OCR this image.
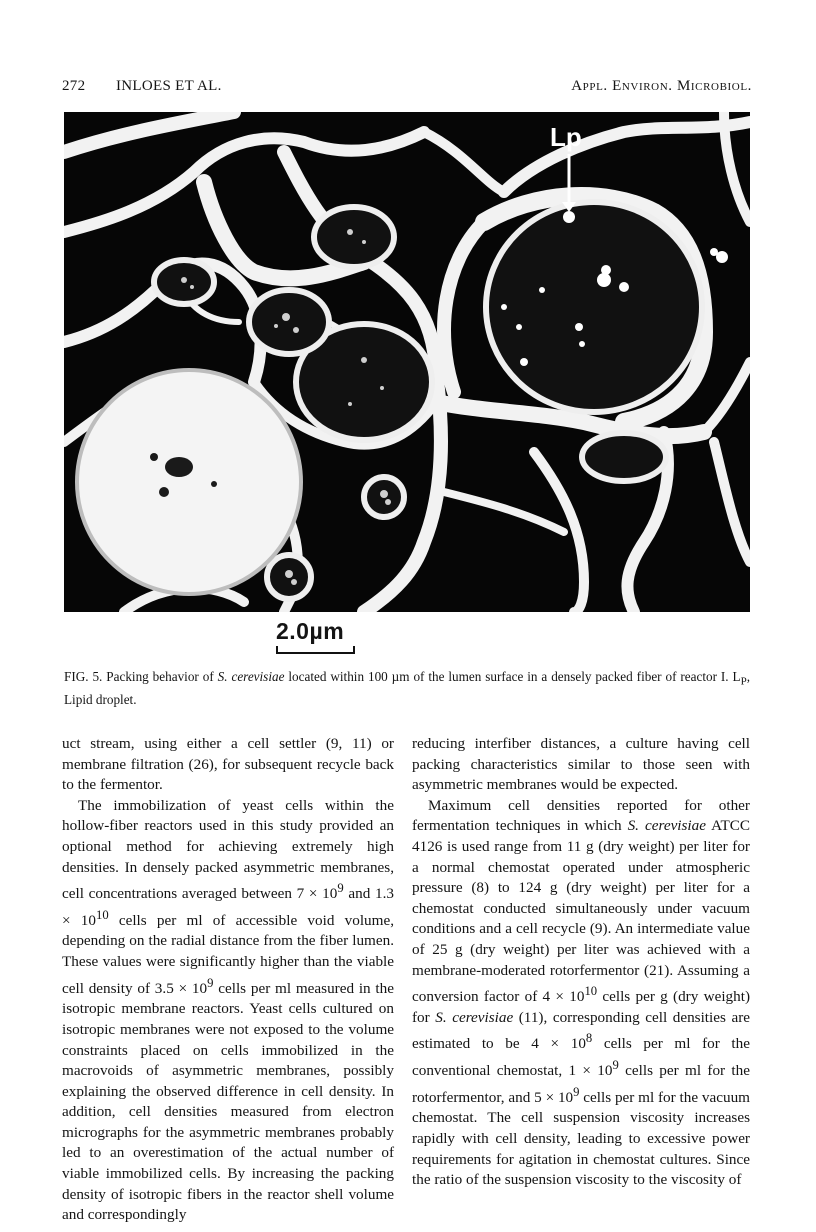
272 INLOES ET AL.	Appl. Environ. Microbiol.
Lp
2.0µm
FIG. 5. Packing behavior of S. cerevisiae located within 100 µm of the lumen surface in a densely packed fiber of reactor I. $L_P$, Lipid droplet.

uct stream, using either a cell settler (9, 11) or membrane filtration (26), for subsequent recycle back to the fermentor.

The immobilization of yeast cells within the hollow-fiber reactors used in this study provided an optional method for achieving extremely high densities. In densely packed asymmetric membranes, cell concentrations averaged between $7 \times 10^9$ and $1.3 \times 10^{10}$ cells per ml of accessible void volume, depending on the radial distance from the fiber lumen. These values were significantly higher than the viable cell density of $3.5 \times 10^9$ cells per ml measured in the isotropic membrane reactors. Yeast cells cultured on isotropic membranes were not exposed to the volume constraints placed on cells immobilized in the macrovoids of asymmetric membranes, possibly explaining the observed difference in cell density. In addition, cell densities measured from electron micrographs for the asymmetric membranes probably led to an overestimation of the actual number of viable immobilized cells. By increasing the packing density of isotropic fibers in the reactor shell volume and correspondingly

reducing interfiber distances, a culture having cell packing characteristics similar to those seen with asymmetric membranes would be expected.

Maximum cell densities reported for other fermentation techniques in which S. cerevisiae ATCC 4126 is used range from 11 g (dry weight) per liter for a normal chemostat operated under atmospheric pressure (8) to 124 g (dry weight) per liter for a chemostat conducted simultaneously under vacuum conditions and a cell recycle (9). An intermediate value of 25 g (dry weight) per liter was achieved with a membrane-moderated rotorfermentor (21). Assuming a conversion factor of $4 \times 10^{10}$ cells per g (dry weight) for S. cerevisiae (11), corresponding cell densities are estimated to be $4 \times 10^8$ cells per ml for the conventional chemostat, $1 \times 10^9$ cells per ml for the rotorfermentor, and $5 \times 10^9$ cells per ml for the vacuum chemostat. The cell suspension viscosity increases rapidly with cell density, leading to excessive power requirements for agitation in chemostat cultures. Since the ratio of the suspension viscosity to the viscosity of
